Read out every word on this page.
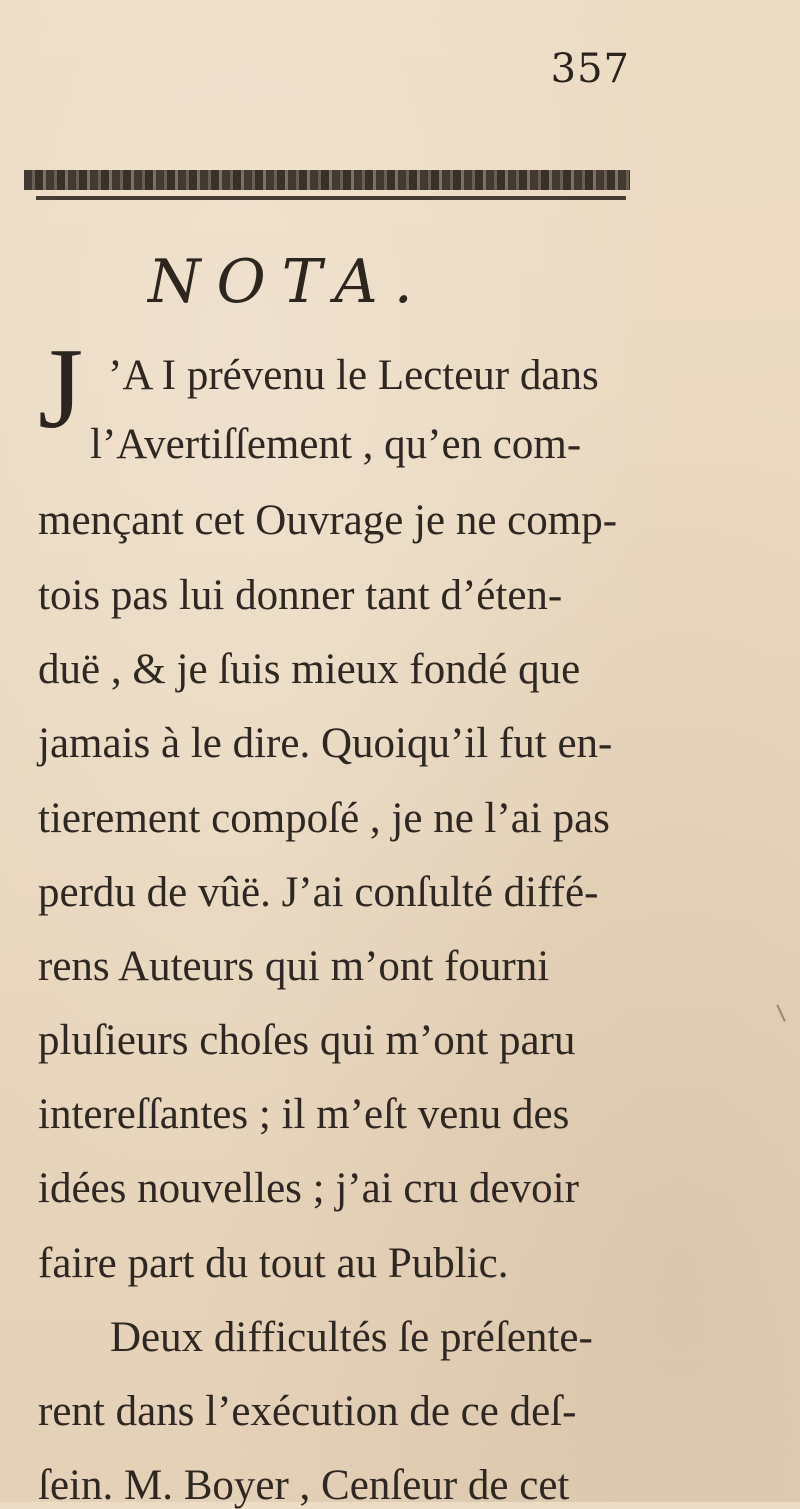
357
NOTA.
J ’A I prévenu le Lecteur dans
l’Avertiſſement , qu’en com-
mençant cet Ouvrage je ne comp-
tois pas lui donner tant d’éten-
duë , & je ſuis mieux fondé que
jamais à le dire. Quoiqu’il fut en-
tierement compoſé , je ne l’ai pas
perdu de vûë. J’ai conſulté diffé-
rens Auteurs qui m’ont fourni
pluſieurs choſes qui m’ont paru
intereſſantes ; il m’eſt venu des
idées nouvelles ; j’ai cru devoir
faire part du tout au Public.
Deux difficultés ſe préſente-
rent dans l’exécution de ce deſ-
ſein. M. Boyer , Cenſeur de cet
